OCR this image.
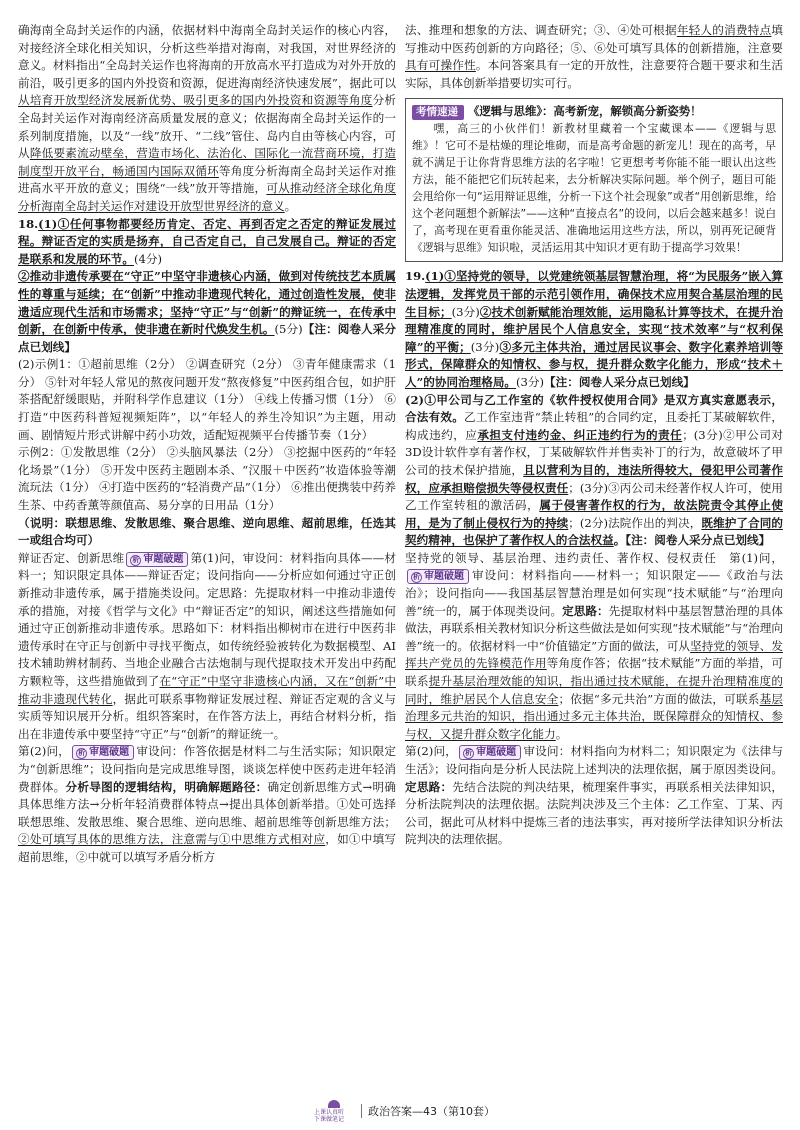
确海南全岛封关运作的内涵，依据材料中海南全岛封关运作的核心内容，对接经济全球化相关知识，分析这些举措对海南，对我国，对世界经济的意义。材料指出“全岛封关运作也将海南的开放高水平打造成为对外开放的前沿，吸引更多的国内外投资和资源，促进海南经济快速发展”，据此可以从培育开放型经济发展新优势、吸引更多的国内外投资和资源等角度分析全岛封关运作对海南经济高质量发展的意义；依据海南全岛封关运作的一系列制度措施，以及“一线”放开、“二线”管住、岛内自由等核心内容，可从降低要素流动壁垒，营造市场化、法治化、国际化一流营商环境，打造制度型开放平台，畅通国内国际双循环等角度分析海南全岛封关运作对推进高水平开放的意义；围绕“一线”放开等措施，可从推动经济全球化角度分析海南全岛封关运作对建设开放型世界经济的意义。

18.(1)①任何事物都要经历肯定、否定、再到否定之否定的辩证发展过程。辩证否定的实质是扬弃，自己否定自己，自己发展自己。辩证的否定是联系和发展的环节。(4分)

②推动非遗传承要在“守正”中坚守非遗核心内涵，做到对传统技艺本质属性的尊重与延续；在“创新”中推动非遗现代转化，通过创造性发展，使非遗适应现代生活和市场需求；坚持“守正”与“创新”的辩证统一，在传承中创新，在创新中传承，使非遗在新时代焕发生机。(5分)【注：阅卷人采分点已划线】

(2)示例1：①超前思维（2分） ②调查研究（2分） ③青年健康需求（1分） ⑤针对年轻人常见的熬夜问题开发“熬夜修复”中医药组合包，如护肝茶搭配舒缓眼贴，并附科学作息建议（1分） ④线上传播习惯（1分） ⑥打造“中医药科普短视频矩阵”，以“年轻人的养生冷知识”为主题，用动画、剧情短片形式讲解中药小功效，适配短视频平台传播节奏（1分）

示例2：①发散思维（2分） ②头脑风暴法（2分） ③挖掘中医药的“年轻化场景”（1分） ⑤开发中医药主题剧本杀、“汉服＋中医药”妆造体验等潮流玩法（1分） ④打造中医药的“轻消费产品”（1分） ⑥推出便携装中药养生茶、中药香薰等颜值高、易分享的日用品（1分）

（说明：联想思维、发散思维、聚合思维、逆向思维、超前思维，任选其一或组合均可）

辩证否定、创新思维 析 审题破题 第(1)问，审设问：材料指向具体——材料一；知识限定具体——辩证否定；设问指向——分析应如何通过守正创新推动非遗传承，属于措施类设问。定思路：先提取材料一中推动非遗传承的措施，对接《哲学与文化》中“辩证否定”的知识，阐述这些措施如何通过守正创新推动非遗传承。思路如下：材料指出柳树市在进行中医药非遗传承时在守正与创新中寻找平衡点，如传统经验被转化为数据模型、AI技术辅助辨材制药、当地企业融合古法炮制与现代提取技术开发出中药配方颗粒等，这些措施做到了在“守正”中坚守非遗核心内涵，又在“创新”中推动非遗现代转化，据此可联系事物辩证发展过程、辩证否定观的含义与实质等知识展开分析。组织答案时，在作答方法上，再结合材料分析，指出在非遗传承中要坚持“守正”与“创新”的辩证统一。

第(2)问， 析 审题破题 审设问：作答依据是材料二与生活实际；知识限定为“创新思维”；设问指向是完成思维导图，谈谈怎样使中医药走进年轻消费群体。分析导图的逻辑结构，明确解题路径：确定创新思维方式→明确具体思维方法→分析年轻消费群体特点→提出具体创新举措。①处可选择联想思维、发散思维、聚合思维、逆向思维、超前思维等创新思维方法；②处可填写具体的思维方法，注意需与①中思维方式相对应，如①中填写超前思维，②中就可以填写矛盾分析方

法、推理和想象的方法、调查研究；③、④处可根据年轻人的消费特点填写推动中医药创新的方向路径；⑤、⑥处可填写具体的创新措施，注意要具有可操作性。本问答案具有一定的开放性，注意要符合题干要求和生活实际，具体创新举措要切实可行。

考情速递 《逻辑与思维》：高考新宠，解锁高分新姿势！
嘿，高三的小伙伴们！新教材里藏着一个宝藏课本——《逻辑与思维》！它可不是枯燥的理论堆砌，而是高考命题的新宠儿！现在的高考，早就不满足于让你背背思维方法的名字啦！它更想考考你能不能一眼认出这些方法，能不能把它们玩转起来，去分析解决实际问题。举个例子，题目可能会甩给你一句“运用辩证思维，分析一下这个社会现象”或者“用创新思维，给这个老问题想个新解法”——这种“直接点名”的设问，以后会越来越多！说白了，高考现在更看重你能灵活、准确地运用这些方法，所以，别再死记硬背《逻辑与思维》知识啦，灵活运用其中知识才更有助于提高学习效果！

19.(1)①坚持党的领导，以党建统领基层智慧治理，将“为民服务”嵌入算法逻辑，发挥党员干部的示范引领作用，确保技术应用契合基层治理的民生目标；(3分)②技术创新赋能治理效能，运用隐私计算等技术，在提升治理精准度的同时，维护居民个人信息安全，实现“技术效率”与“权利保障”的平衡；(3分)③多元主体共治，通过居民议事会、数字化素养培训等形式，保障群众的知情权、参与权，提升群众数字化能力，形成“技术＋人”的协同治理格局。(3分)【注：阅卷人采分点已划线】

(2)①甲公司与乙工作室的《软件授权使用合同》是双方真实意愿表示，合法有效。乙工作室违背“禁止转租”的合同约定，且委托丁某破解软件，构成违约，应承担支付违约金、纠正违约行为的责任；(3分)②甲公司对3D设计软件享有著作权，丁某破解软件并售卖补丁的行为，故意破坏了甲公司的技术保护措施，且以营利为目的，违法所得较大，侵犯甲公司著作权，应承担赔偿损失等侵权责任；(3分)③丙公司未经著作权人许可，使用乙工作室转租的激活码，属于侵害著作权的行为，故法院责令其停止使用，是为了制止侵权行为的持续；(2分)法院作出的判决，既维护了合同的契约精神，也保护了著作权人的合法权益。【注：阅卷人采分点已划线】

坚持党的领导、基层治理、违约责任、著作权、侵权责任　 第(1)问，析 审题破题 审设问：材料指向——材料一；知识限定——《政治与法治》；设问指向——我国基层智慧治理是如何实现“技术赋能”与“治理向善”统一的，属于体现类设问。定思路：先提取材料中基层智慧治理的具体做法，再联系相关教材知识分析这些做法是如何实现“技术赋能”与“治理向善”统一的。依据材料一中“价值锚定”方面的做法，可从坚持党的领导、发挥共产党员的先锋模范作用等角度作答；依据“技术赋能”方面的举措，可联系提升基层治理效能的知识，指出通过技术赋能，在提升治理精准度的同时，维护居民个人信息安全；依据“多元共治”方面的做法，可联系基层治理多元共治的知识，指出通过多元主体共治，既保障群众的知情权、参与权，又提升群众数字化能力。

第(2)问， 析 审题破题 审设问：材料指向为材料二；知识限定为《法律与生活》；设问指向是分析人民法院上述判决的法理依据，属于原因类设问。定思路：先结合法院的判决结果，梳理案件事实，再联系相关法律知识，分析法院判决的法理依据。法院判决涉及三个主体：乙工作室、丁某、丙公司，据此可从材料中提炼三者的违法事实，再对接所学法律知识分析法院判决的法理依据。

上课认真听
下课做笔记
政治答案—43（第10套）
